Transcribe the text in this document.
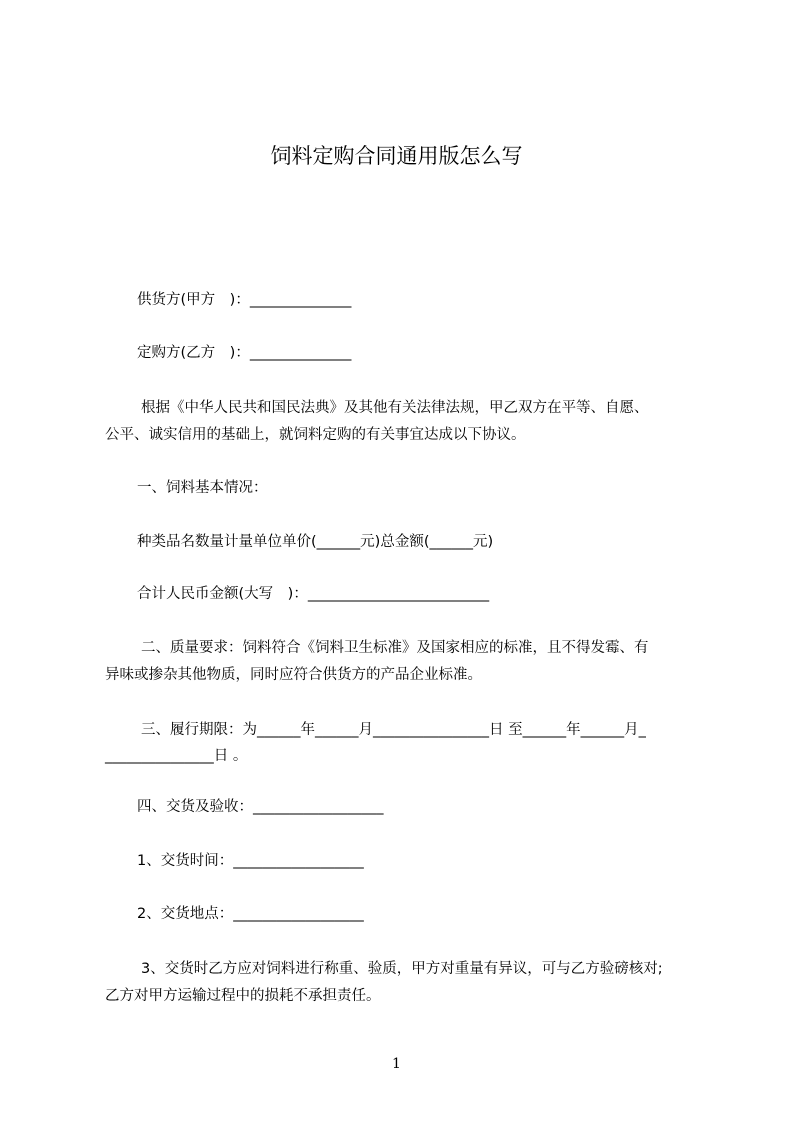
饲料定购合同通用版怎么写

供货方(甲方　)：______________

定购方(乙方　)：______________

根据《中华人民共和国民法典》及其他有关法律法规，甲乙双方在平等、自愿、

公平、诚实信用的基础上，就饲料定购的有关事宜达成以下协议。

一、饲料基本情况：

种类品名数量计量单位单价(______元)总金额(______元)

合计人民币金额(大写　)：_________________________

二、质量要求：饲料符合《饲料卫生标准》及国家相应的标准，且不得发霉、有

异味或掺杂其他物质，同时应符合供货方的产品企业标准。

三、履行期限：为______年______月________________日 至______年______月_

_______________日 。

四、交货及验收：__________________

1、交货时间：__________________

2、交货地点：__________________

3、交货时乙方应对饲料进行称重、验质，甲方对重量有异议，可与乙方验磅核对;

乙方对甲方运输过程中的损耗不承担责任。

1
